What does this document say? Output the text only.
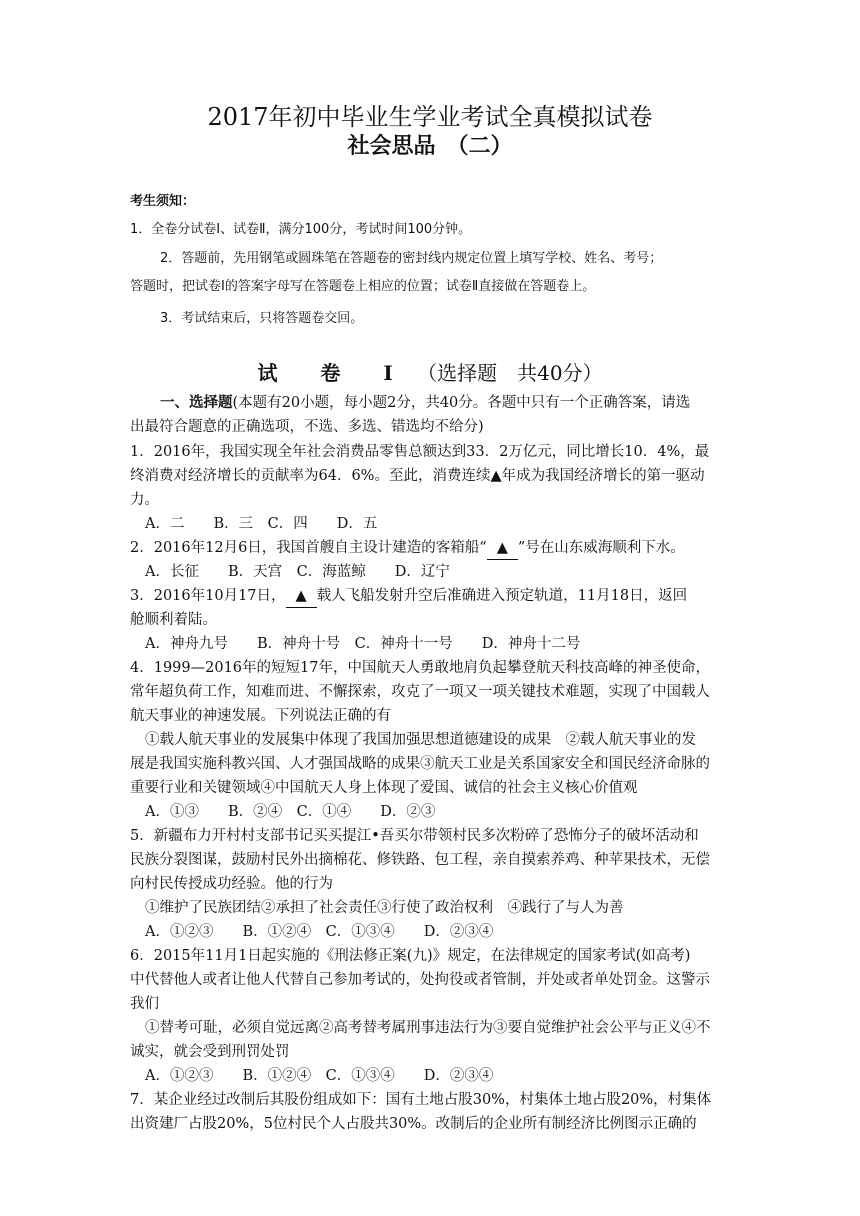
2017年初中毕业生学业考试全真模拟试卷
社会思品　（二）
考生须知：
1．全卷分试卷Ⅰ、试卷Ⅱ，满分100分，考试时间100分钟。
2．答题前，先用钢笔或圆珠笔在答题卷的密封线内规定位置上填写学校、姓名、考号；
答题时，把试卷Ⅰ的答案字母写在答题卷上相应的位置；试卷Ⅱ直接做在答题卷上。
3．考试结束后，只将答题卷交回。
试 卷 Ⅰ （选择题　共40分）
一、选择题(本题有20小题，每小题2分，共40分。各题中只有一个正确答案，请选
出最符合题意的正确选项，不选、多选、错选均不给分)
1．2016年，我国实现全年社会消费品零售总额达到33．2万亿元，同比增长10．4%，最
终消费对经济增长的贡献率为64．6%。至此，消费连续▲年成为我国经济增长的第一驱动
力。
A．二　　B．三　C．四　　D．五
2．2016年12月6日，我国首艘自主设计建造的客箱船“ ▲ ”号在山东威海顺利下水。
A．长征　　B．天宫　C．海蓝鲸　　D．辽宁
3．2016年10月17日， ▲ 载人飞船发射升空后准确进入预定轨道，11月18日，返回
舱顺利着陆。
A．神舟九号　　B．神舟十号　C．神舟十一号　　D．神舟十二号
4．1999—2016年的短短17年，中国航天人勇敢地肩负起攀登航天科技高峰的神圣使命，
常年超负荷工作，知难而进、不懈探索，攻克了一项又一项关键技术难题，实现了中国载人
航天事业的神速发展。下列说法正确的有
①载人航天事业的发展集中体现了我国加强思想道德建设的成果　②载人航天事业的发
展是我国实施科教兴国、人才强国战略的成果③航天工业是关系国家安全和国民经济命脉的
重要行业和关键领域④中国航天人身上体现了爱国、诚信的社会主义核心价值观
A．①③　　B．②④　C．①④　　D．②③
5．新疆布力开村村支部书记买买提江•吾买尔带领村民多次粉碎了恐怖分子的破坏活动和
民族分裂图谋，鼓励村民外出摘棉花、修铁路、包工程，亲自摸索养鸡、种苹果技术，无偿
向村民传授成功经验。他的行为
①维护了民族团结②承担了社会责任③行使了政治权利　④践行了与人为善
A．①②③　　B．①②④　C．①③④　　D．②③④
6．2015年11月1日起实施的《刑法修正案(九)》规定，在法律规定的国家考试(如高考)
中代替他人或者让他人代替自己参加考试的，处拘役或者管制，并处或者单处罚金。这警示
我们
①替考可耻，必须自觉远离②高考替考属刑事违法行为③要自觉维护社会公平与正义④不
诚实，就会受到刑罚处罚
A．①②③　　B．①②④　C．①③④　　D．②③④
7．某企业经过改制后其股份组成如下：国有土地占股30%，村集体土地占股20%，村集体
出资建厂占股20%，5位村民个人占股共30%。改制后的企业所有制经济比例图示正确的
